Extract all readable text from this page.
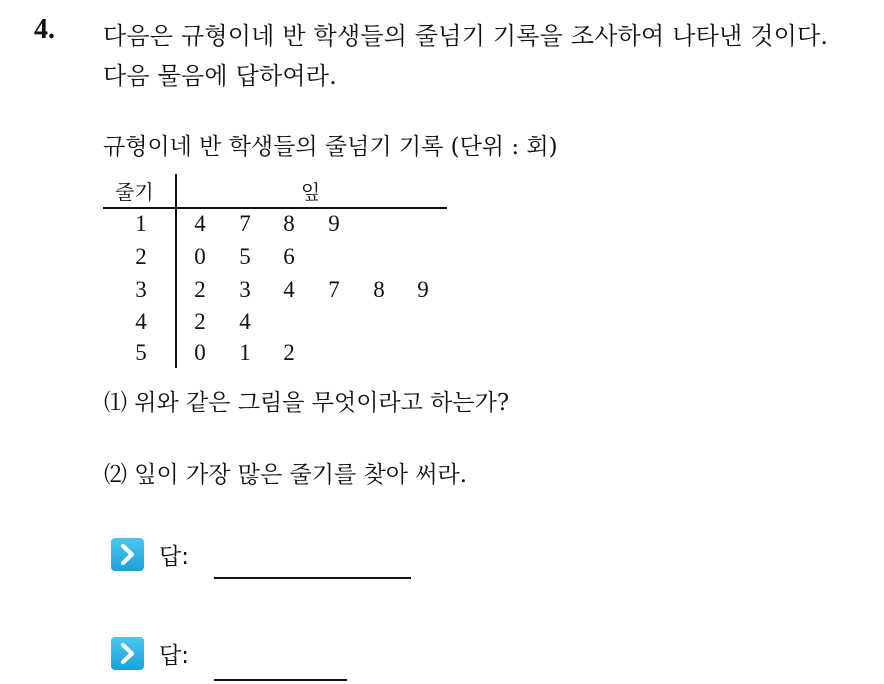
4. 다음은 규형이네 반 학생들의 줄넘기 기록을 조사하여 나타낸 것이다.
다음 물음에 답하여라.
규형이네 반 학생들의 줄넘기 기록 (단위 : 회)
줄기	잎
1 4 7 8 9
2 0 5 6
3 2 3 4 7 8 9
4 2 4
5 0 1 2
⑴ 위와 같은 그림을 무엇이라고 하는가?
⑵ 잎이 가장 많은 줄기를 찾아 써라.
답:
답:
